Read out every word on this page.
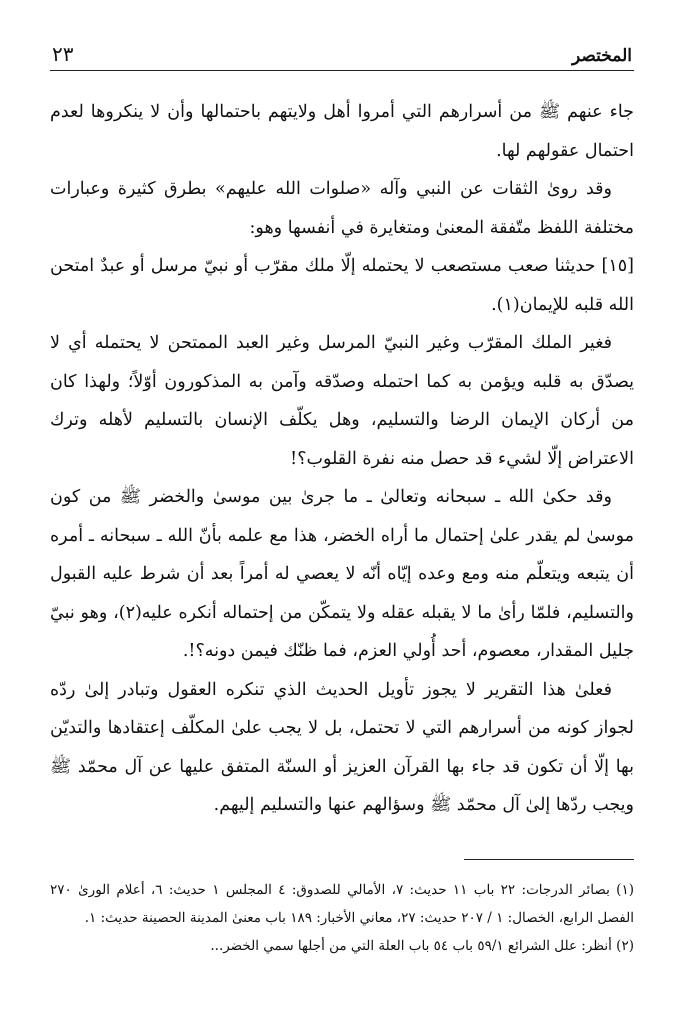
المختصر
٢٣

جاء عنهم ﷺ من أسرارهم التي أمروا أهل ولايتهم باحتمالها وأن لا ينكروها لعدم احتمال عقولهم لها.

وقد روىٰ الثقات عن النبي وآله «صلوات الله عليهم» بطرق كثيرة وعبارات مختلفة اللفظ متّفقة المعنىٰ ومتغايرة في أنفسها وهو:

[١٥] حديثنا صعب مستصعب لا يحتمله إلّا ملك مقرّب أو نبيّ مرسل أو عبدٌ امتحن الله قلبه للإيمان(١).

فغير الملك المقرّب وغير النبيّ المرسل وغير العبد الممتحن لا يحتمله أي لا يصدّق به قلبه ويؤمن به كما احتمله وصدّقه وآمن به المذكورون أوّلاً؛ ولهذا كان من أركان الإيمان الرضا والتسليم، وهل يكلّف الإنسان بالتسليم لأهله وترك الاعتراض إلّا لشيء قد حصل منه نفرة القلوب؟!

وقد حكىٰ الله ـ سبحانه وتعالىٰ ـ ما جرىٰ بين موسىٰ والخضر ﷺ من كون موسىٰ لم يقدر علىٰ إحتمال ما أراه الخضر، هذا مع علمه بأنّ الله ـ سبحانه ـ أمره أن يتبعه ويتعلّم منه ومع وعده إيّاه أنّه لا يعصي له أمراً بعد أن شرط عليه القبول والتسليم، فلمّا رأىٰ ما لا يقبله عقله ولا يتمكّن من إحتماله أنكره عليه(٢)، وهو نبيّ جليل المقدار، معصوم، أحد أُولي العزم، فما ظنّك فيمن دونه؟!.

فعلىٰ هذا التقرير لا يجوز تأويل الحديث الذي تنكره العقول وتبادر إلىٰ ردّه لجواز كونه من أسرارهم التي لا تحتمل، بل لا يجب علىٰ المكلّف إعتقادها والتديّن بها إلّا أن تكون قد جاء بها القرآن العزيز أو السنّة المتفق عليها عن آل محمّد ﷺ ويجب ردّها إلىٰ آل محمّد ﷺ وسؤالهم عنها والتسليم إليهم.

(١) بصائر الدرجات: ٢٢ باب ١١ حديث: ٧، الأمالي للصدوق: ٤ المجلس ١ حديث: ٦، أعلام الورىٰ ٢٧٠ الفصل الرابع، الخصال: ١ / ٢٠٧ حديث: ٢٧، معاني الأخبار: ١٨٩ باب معنىٰ المدينة الحصينة حديث: ١.

(٢) أنظر: علل الشرائع ٥٩/١ باب ٥٤ باب العلة التي من أجلها سمي الخضر...
